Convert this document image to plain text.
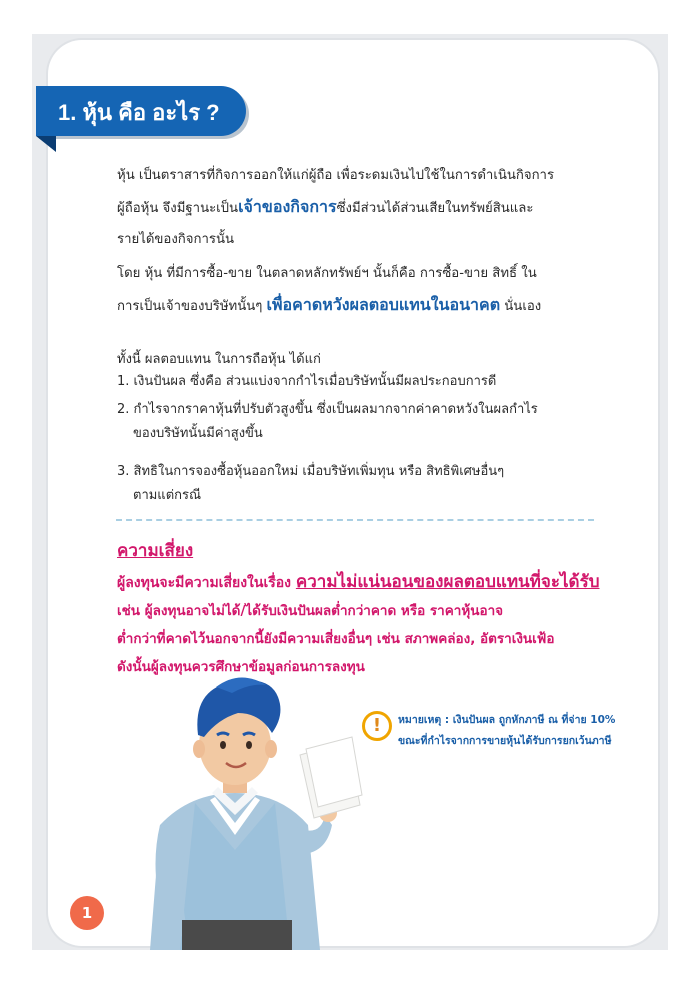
1. หุ้น คือ อะไร ?
หุ้น เป็นตราสารที่กิจการออกให้แก่ผู้ถือ เพื่อระดมเงินไปใช้ในการดำเนินกิจการ
ผู้ถือหุ้น จึงมีฐานะเป็นเจ้าของกิจการซึ่งมีส่วนได้ส่วนเสียในทรัพย์สินและ
รายได้ของกิจการนั้น
โดย หุ้น ที่มีการซื้อ-ขาย ในตลาดหลักทรัพย์ฯ นั้นก็คือ การซื้อ-ขาย สิทธิ์ ใน
การเป็นเจ้าของบริษัทนั้นๆ เพื่อคาดหวังผลตอบแทนในอนาคต นั่นเอง
ทั้งนี้ ผลตอบแทน ในการถือหุ้น ได้แก่
1. เงินปันผล ซึ่งคือ ส่วนแบ่งจากกำไรเมื่อบริษัทนั้นมีผลประกอบการดี
2. กำไรจากราคาหุ้นที่ปรับตัวสูงขึ้น ซึ่งเป็นผลมากจากค่าคาดหวังในผลกำไร
ของบริษัทนั้นมีค่าสูงขึ้น
3. สิทธิในการจองซื้อหุ้นออกใหม่ เมื่อบริษัทเพิ่มทุน หรือ สิทธิพิเศษอื่นๆ
ตามแต่กรณี
ความเสี่ยง
ผู้ลงทุนจะมีความเสี่ยงในเรื่อง ความไม่แน่นอนของผลตอบแทนที่จะได้รับ
เช่น ผู้ลงทุนอาจไม่ได้/ได้รับเงินปันผลต่ำกว่าคาด หรือ ราคาหุ้นอาจ
ต่ำกว่าที่คาดไว้นอกจากนี้ยังมีความเสี่ยงอื่นๆ เช่น สภาพคล่อง, อัตราเงินเฟ้อ
ดังนั้นผู้ลงทุนควรศึกษาข้อมูลก่อนการลงทุน
!	หมายเหตุ : เงินปันผล ถูกหักภาษี ณ ที่จ่าย 10%
ขณะที่กำไรจากการขายหุ้นได้รับการยกเว้นภาษี
1
